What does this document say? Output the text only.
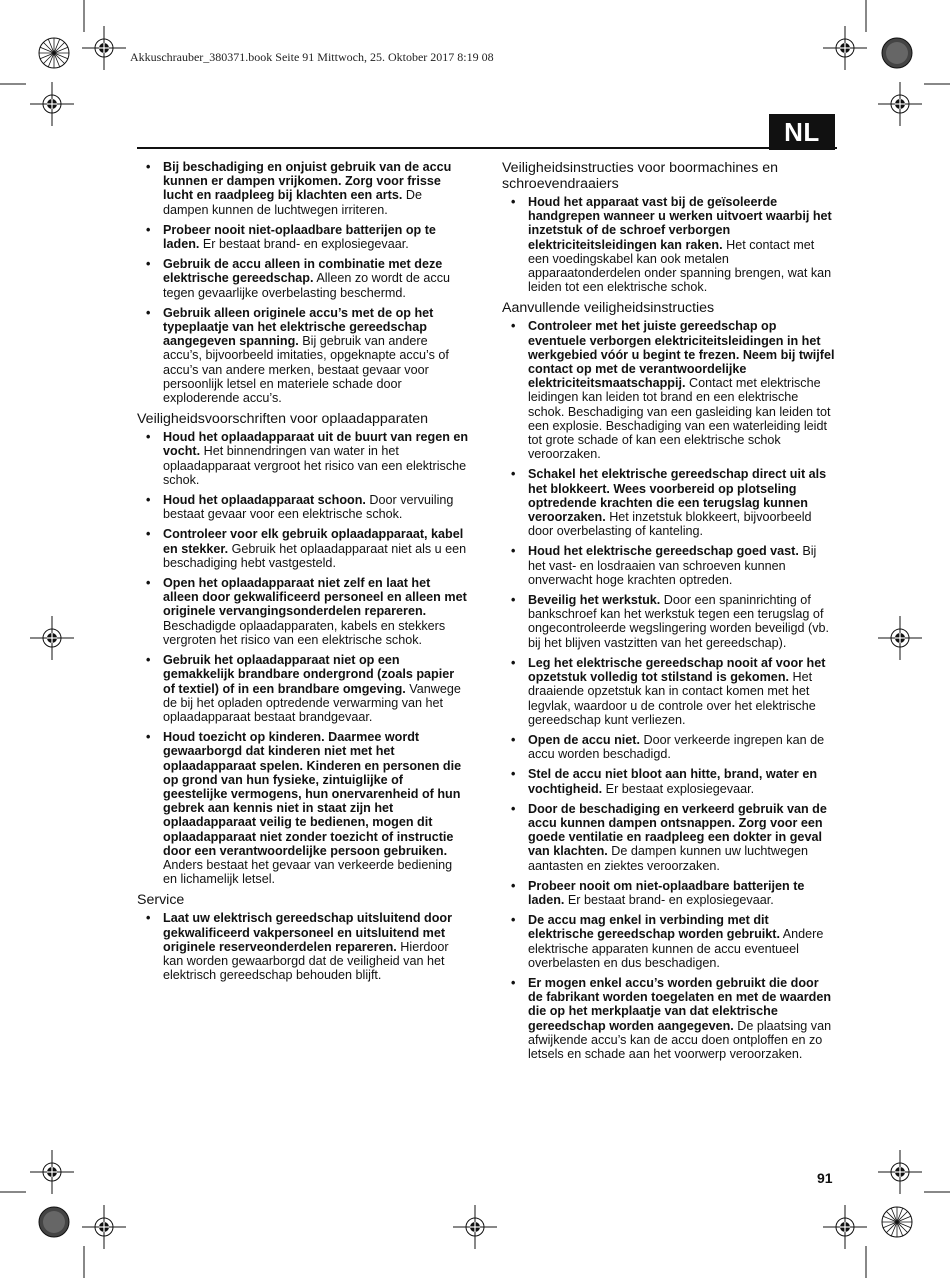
Akkuschrauber_380371.book Seite 91 Mittwoch, 25. Oktober 2017 8:19 08
NL
• Bij beschadiging en onjuist gebruik van de accu kunnen er dampen vrijkomen. Zorg voor frisse lucht en raadpleeg bij klachten een arts. De dampen kunnen de luchtwegen irriteren.
• Probeer nooit niet-oplaadbare batterijen op te laden. Er bestaat brand- en explosiegevaar.
• Gebruik de accu alleen in combinatie met deze elektrische gereedschap. Alleen zo wordt de accu tegen gevaarlijke overbelasting beschermd.
• Gebruik alleen originele accu’s met de op het typeplaatje van het elektrische gereedschap aangegeven spanning. Bij gebruik van andere accu’s, bijvoorbeeld imitaties, opgeknapte accu’s of accu’s van andere merken, bestaat gevaar voor persoonlijk letsel en materiele schade door exploderende accu’s.
Veiligheidsvoorschriften voor oplaadapparaten
• Houd het oplaadapparaat uit de buurt van regen en vocht. Het binnendringen van water in het oplaadapparaat vergroot het risico van een elektrische schok.
• Houd het oplaadapparaat schoon. Door vervuiling bestaat gevaar voor een elektrische schok.
• Controleer voor elk gebruik oplaadapparaat, kabel en stekker. Gebruik het oplaadapparaat niet als u een beschadiging hebt vastgesteld.
• Open het oplaadapparaat niet zelf en laat het alleen door gekwalificeerd personeel en alleen met originele vervangingsonderdelen repareren. Beschadigde oplaadapparaten, kabels en stekkers vergroten het risico van een elektrische schok.
• Gebruik het oplaadapparaat niet op een gemakkelijk brandbare ondergrond (zoals papier of textiel) of in een brandbare omgeving. Vanwege de bij het opladen optredende verwarming van het oplaadapparaat bestaat brandgevaar.
• Houd toezicht op kinderen. Daarmee wordt gewaarborgd dat kinderen niet met het oplaadapparaat spelen. Kinderen en personen die op grond van hun fysieke, zintuiglijke of geestelijke vermogens, hun onervarenheid of hun gebrek aan kennis niet in staat zijn het oplaadapparaat veilig te bedienen, mogen dit oplaadapparaat niet zonder toezicht of instructie door een verantwoordelijke persoon gebruiken. Anders bestaat het gevaar van verkeerde bediening en lichamelijk letsel.
Service
• Laat uw elektrisch gereedschap uitsluitend door gekwalificeerd vakpersoneel en uitsluitend met originele reserveonderdelen repareren. Hierdoor kan worden gewaarborgd dat de veiligheid van het elektrisch gereedschap behouden blijft.
Veiligheidsinstructies voor boormachines en schroevendraaiers
• Houd het apparaat vast bij de geïsoleerde handgrepen wanneer u werken uitvoert waarbij het inzetstuk of de schroef verborgen elektriciteitsleidingen kan raken. Het contact met een voedingskabel kan ook metalen apparaatonderdelen onder spanning brengen, wat kan leiden tot een elektrische schok.
Aanvullende veiligheidsinstructies
• Controleer met het juiste gereedschap op eventuele verborgen elektriciteitsleidingen in het werkgebied vóór u begint te frezen. Neem bij twijfel contact op met de verantwoordelijke elektriciteitsmaatschappij. Contact met elektrische leidingen kan leiden tot brand en een elektrische schok. Beschadiging van een gasleiding kan leiden tot een explosie. Beschadiging van een waterleiding leidt tot grote schade of kan een elektrische schok veroorzaken.
• Schakel het elektrische gereedschap direct uit als het blokkeert. Wees voorbereid op plotseling optredende krachten die een terugslag kunnen veroorzaken. Het inzetstuk blokkeert, bijvoorbeeld door overbelasting of kanteling.
• Houd het elektrische gereedschap goed vast. Bij het vast- en losdraaien van schroeven kunnen onverwacht hoge krachten optreden.
• Beveilig het werkstuk. Door een spaninrichting of bankschroef kan het werkstuk tegen een terugslag of ongecontroleerde wegslingering worden beveiligd (vb. bij het blijven vastzitten van het gereedschap).
• Leg het elektrische gereedschap nooit af voor het opzetstuk volledig tot stilstand is gekomen. Het draaiende opzetstuk kan in contact komen met het legvlak, waardoor u de controle over het elektrische gereedschap kunt verliezen.
• Open de accu niet. Door verkeerde ingrepen kan de accu worden beschadigd.
• Stel de accu niet bloot aan hitte, brand, water en vochtigheid. Er bestaat explosiegevaar.
• Door de beschadiging en verkeerd gebruik van de accu kunnen dampen ontsnappen. Zorg voor een goede ventilatie en raadpleeg een dokter in geval van klachten. De dampen kunnen uw luchtwegen aantasten en ziektes veroorzaken.
• Probeer nooit om niet-oplaadbare batterijen te laden. Er bestaat brand- en explosiegevaar.
• De accu mag enkel in verbinding met dit elektrische gereedschap worden gebruikt. Andere elektrische apparaten kunnen de accu eventueel overbelasten en dus beschadigen.
• Er mogen enkel accu’s worden gebruikt die door de fabrikant worden toegelaten en met de waarden die op het merkplaatje van dat elektrische gereedschap worden aangegeven. De plaatsing van afwijkende accu’s kan de accu doen ontploffen en zo letsels en schade aan het voorwerp veroorzaken.
91
